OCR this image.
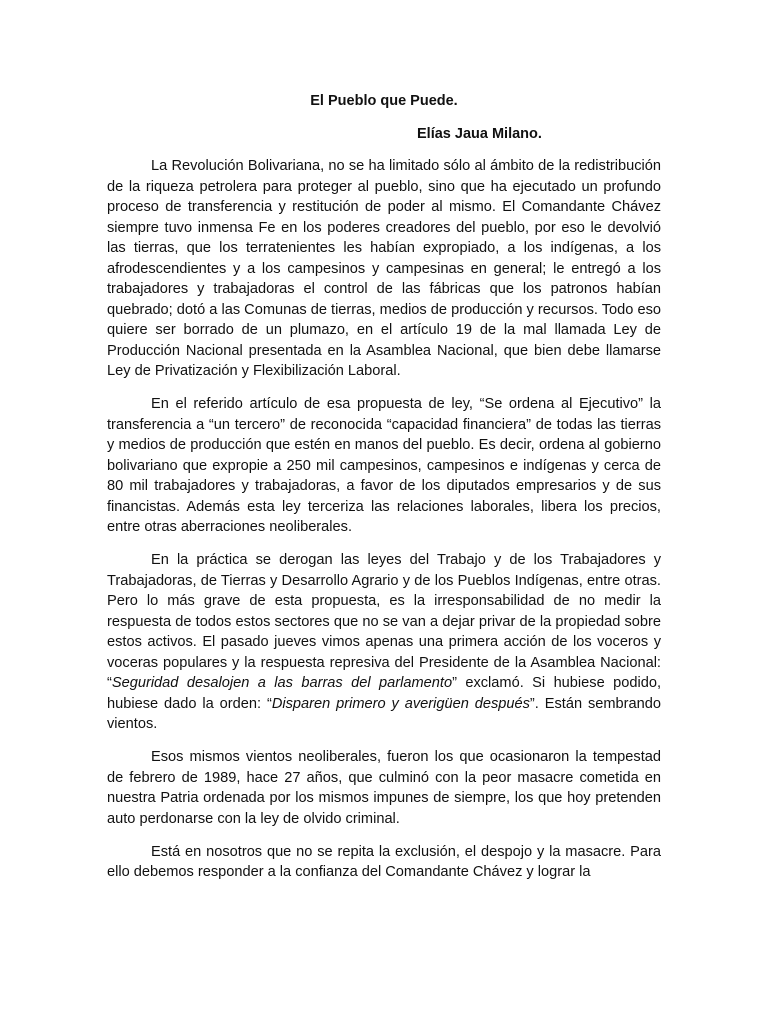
El Pueblo que Puede.
Elías Jaua Milano.

La Revolución Bolivariana, no se ha limitado sólo al ámbito de la redistribución de la riqueza petrolera para proteger al pueblo, sino que ha ejecutado un profundo proceso de transferencia y restitución de poder al mismo. El Comandante Chávez siempre tuvo inmensa Fe en los poderes creadores del pueblo, por eso le devolvió las tierras, que los terratenientes les habían expropiado, a los indígenas, a los afrodescendientes y a los campesinos y campesinas en general; le entregó a los trabajadores y trabajadoras el control de las fábricas que los patronos habían quebrado; dotó a las Comunas de tierras, medios de producción y recursos. Todo eso quiere ser borrado de un plumazo, en el artículo 19 de la mal llamada Ley de Producción Nacional presentada en la Asamblea Nacional, que bien debe llamarse Ley de Privatización y Flexibilización Laboral.

En el referido artículo de esa propuesta de ley, “Se ordena al Ejecutivo” la transferencia a “un tercero” de reconocida “capacidad financiera” de todas las tierras y medios de producción que estén en manos del pueblo. Es decir, ordena al gobierno bolivariano que expropie a 250 mil campesinos, campesinos e indígenas y cerca de 80 mil trabajadores y trabajadoras, a favor de los diputados empresarios y de sus financistas. Además esta ley terceriza las relaciones laborales, libera los precios, entre otras aberraciones neoliberales.

En la práctica se derogan las leyes del Trabajo y de los Trabajadores y Trabajadoras, de Tierras y Desarrollo Agrario y de los Pueblos Indígenas, entre otras. Pero lo más grave de esta propuesta, es la irresponsabilidad de no medir la respuesta de todos estos sectores que no se van a dejar privar de la propiedad sobre estos activos. El pasado jueves vimos apenas una primera acción de los voceros y voceras populares y la respuesta represiva del Presidente de la Asamblea Nacional: “Seguridad desalojen a las barras del parlamento” exclamó. Si hubiese podido, hubiese dado la orden: “Disparen primero y averigüen después”. Están sembrando vientos.

Esos mismos vientos neoliberales, fueron los que ocasionaron la tempestad de febrero de 1989, hace 27 años, que culminó con la peor masacre cometida en nuestra Patria ordenada por los mismos impunes de siempre, los que hoy pretenden auto perdonarse con la ley de olvido criminal.

Está en nosotros que no se repita la exclusión, el despojo y la masacre. Para ello debemos responder a la confianza del Comandante Chávez y lograr la
